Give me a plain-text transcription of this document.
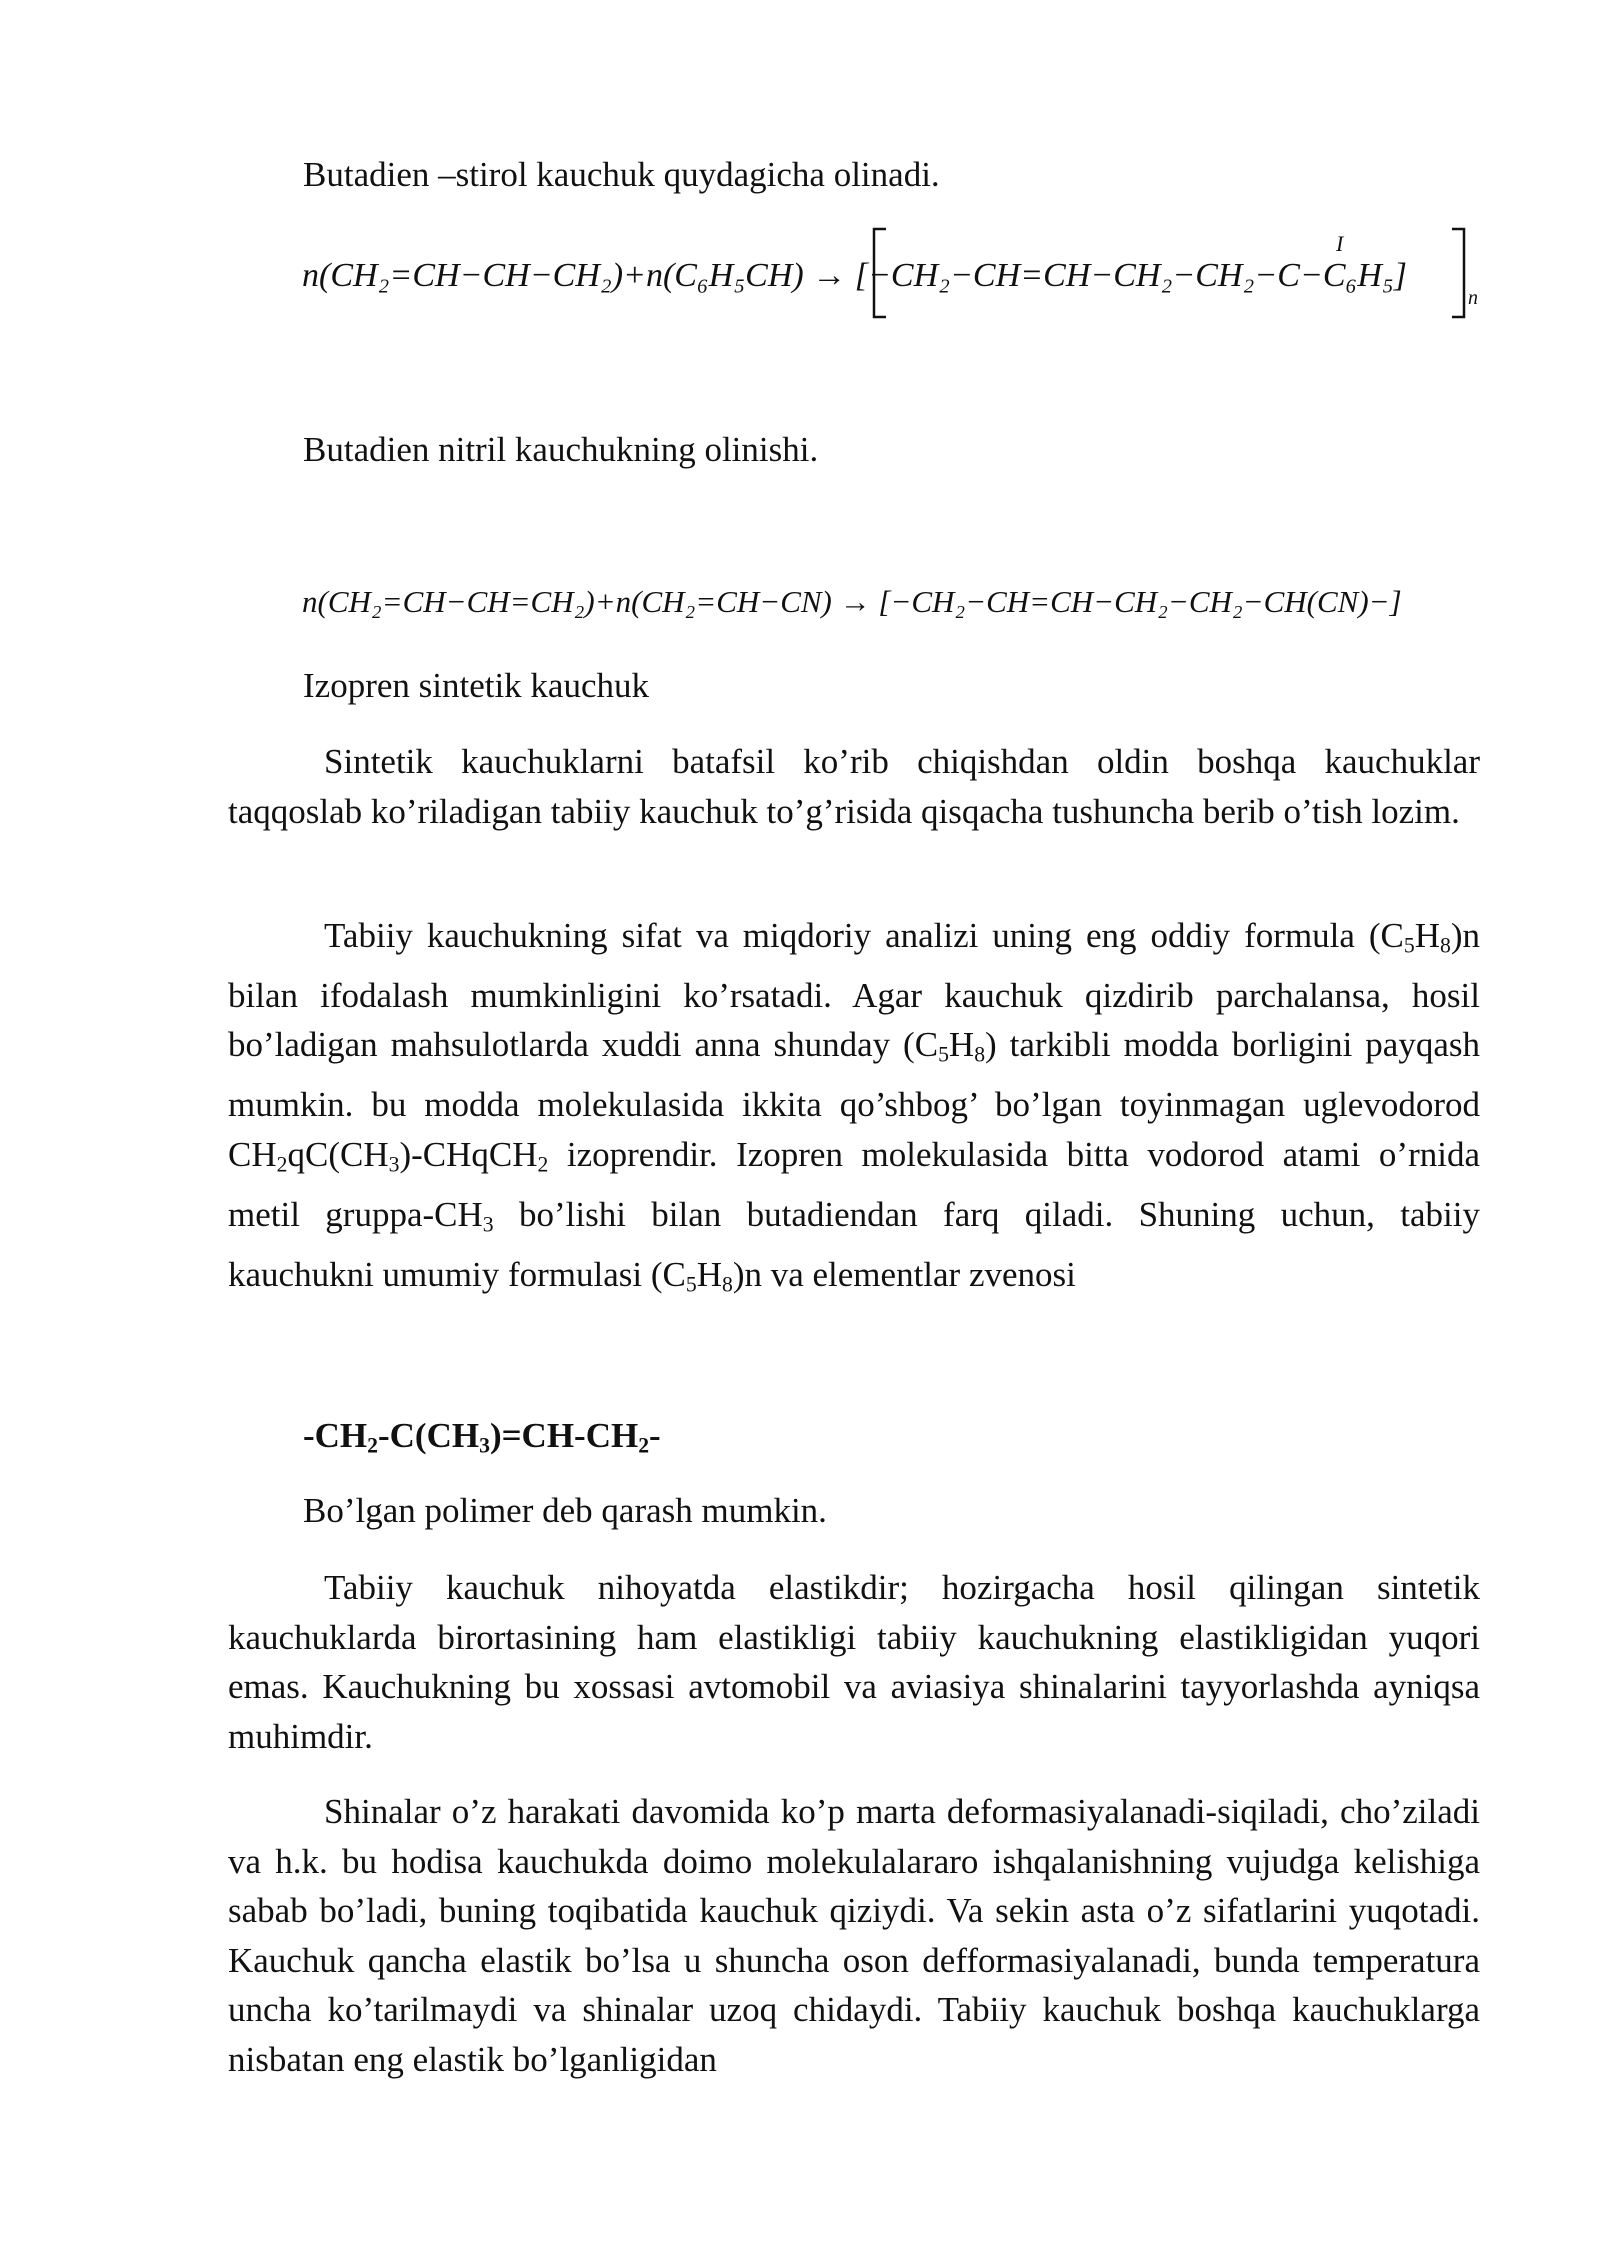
Butadien –stirol kauchuk quydagicha olinadi.
I
n
n(CH₂=CH−CH−CH₂)+n(C₆H₅CH) → [−CH₂−CH=CH−CH₂−CH₂−C−C₆H₅]
Butadien nitril kauchukning olinishi.
n(CH₂=CH−CH=CH₂)+n(CH₂=CH−CN) → [−CH₂−CH=CH−CH₂−CH₂−CH(CN)−]
Izopren sintetik kauchuk
Sintetik kauchuklarni batafsil ko’rib chiqishdan oldin boshqa kauchuklar taqqoslab ko’riladigan tabiiy kauchuk to’g’risida qisqacha tushuncha berib o’tish lozim.
Tabiiy kauchukning sifat va miqdoriy analizi uning eng oddiy formula $(C_5H_8)n$ bilan ifodalash mumkinligini ko’rsatadi. Agar kauchuk qizdirib parchalansa, hosil bo’ladigan mahsulotlarda xuddi anna shunday $(C_5H_8)$ tarkibli modda borligini payqash mumkin. bu modda molekulasida ikkita qo’shbog’ bo’lgan toyinmagan uglevodorod $CH_2qC(CH_3)-CHqCH_2$ izoprendir. Izopren molekulasida bitta vodorod atami o’rnida metil gruppa-$CH_3$ bo’lishi bilan butadiendan farq qiladi. Shuning uchun, tabiiy kauchukni umumiy formulasi $(C_5H_8)n$ va elementlar zvenosi
$-CH_2-C(CH_3)=CH-CH_2-$
Bo’lgan polimer deb qarash mumkin.
Tabiiy kauchuk nihoyatda elastikdir; hozirgacha hosil qilingan sintetik kauchuklarda birortasining ham elastikligi tabiiy kauchukning elastikligidan yuqori emas. Kauchukning bu xossasi avtomobil va aviasiya shinalarini tayyorlashda ayniqsa muhimdir.
Shinalar o’z harakati davomida ko’p marta deformasiyalanadi-siqiladi, cho’ziladi va h.k. bu hodisa kauchukda doimo molekulalararo ishqalanishning vujudga kelishiga sabab bo’ladi, buning toqibatida kauchuk qiziydi. Va sekin asta o’z sifatlarini yuqotadi. Kauchuk qancha elastik bo’lsa u shuncha oson defformasiyalanadi, bunda temperatura uncha ko’tarilmaydi va shinalar uzoq chidaydi. Tabiiy kauchuk boshqa kauchuklarga nisbatan eng elastik bo’lganligidan
